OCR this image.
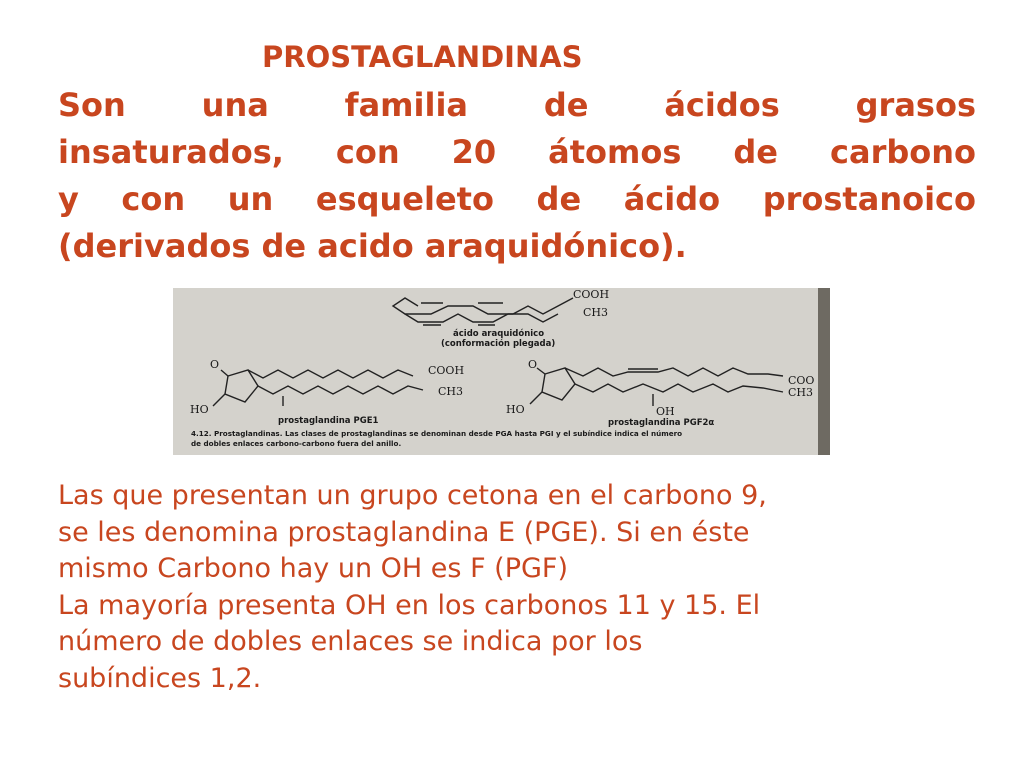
PROSTAGLANDINAS
Son una familia de ácidos grasos
insaturados, con 20 átomos de carbono
y con un esqueleto de ácido prostanoico
(derivados de acido araquidónico).
COOH
CH3
ácido araquidónico
(conformación plegada)
O	COOH
CH3
HO
prostaglandina PGE1
O
COO
CH3
HO	OH
prostaglandina PGF2α
4.12. Prostaglandinas. Las clases de prostaglandinas se denominan desde PGA hasta PGI y el subíndice indica el número
de dobles enlaces carbono-carbono fuera del anillo.

Las que presentan un grupo cetona en el carbono 9,

se les denomina prostaglandina E (PGE). Si en éste

mismo Carbono hay un OH es F (PGF)

La mayoría presenta OH en los carbonos 11 y 15. El

número de dobles enlaces se indica por los

subíndices 1,2.
